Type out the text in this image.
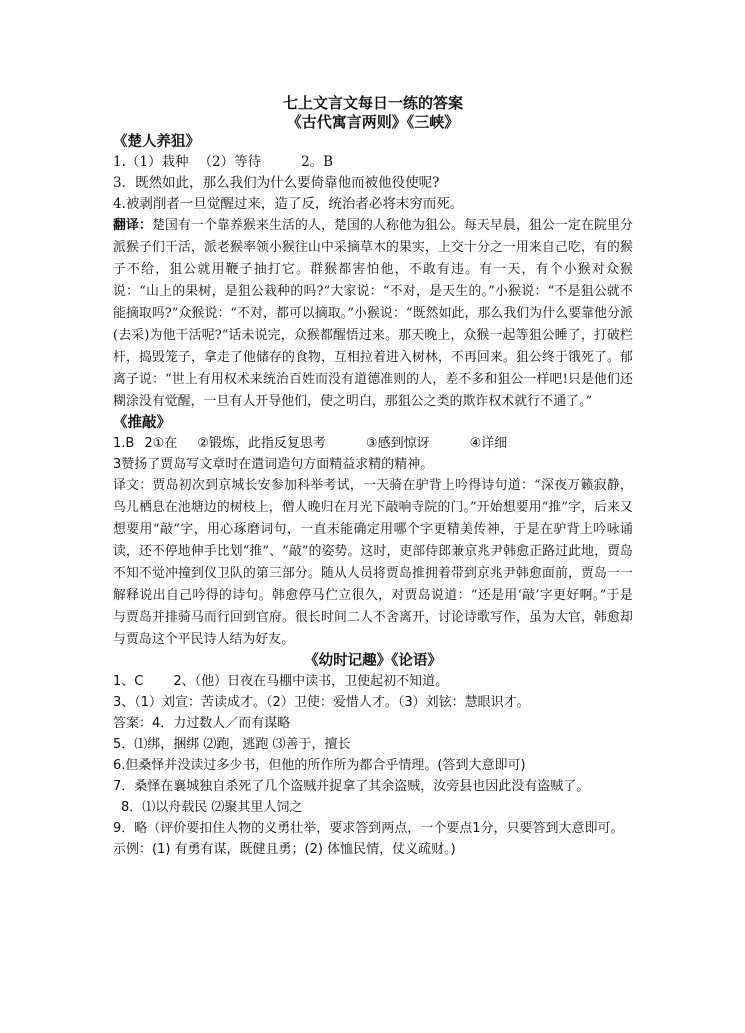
七上文言文每日一练的答案

《古代寓言两则》《三峡》

《楚人养狙》

1.（1）栽种 （2）等待	2。B

3．既然如此，那么我们为什么要倚靠他而被他役使呢?

4.被剥削者一旦觉醒过来，造了反，统治者必将末穷而死。

翻译：楚国有一个靠养猴来生活的人，楚国的人称他为狙公。每天早晨，狙公一定在院里分派猴子们干活，派老猴率领小猴往山中采摘草木的果实，上交十分之一用来自己吃，有的猴子不给，狙公就用鞭子抽打它。群猴都害怕他，不敢有违。有一天，有个小猴对众猴说：“山上的果树，是狙公栽种的吗?”大家说：“不对，是天生的。”小猴说：“不是狙公就不能摘取吗?”众猴说：“不对，都可以摘取。”小猴说：“既然如此，那么我们为什么要靠他分派(去采)为他干活呢?”话未说完，众猴都醒悟过来。那天晚上，众猴一起等狙公睡了，打破栏杆，捣毁笼子，拿走了他储存的食物，互相拉着进入树林，不再回来。狙公终于饿死了。郁离子说：“世上有用权术来统治百姓而没有道德准则的人，差不多和狙公一样吧!只是他们还糊涂没有觉醒，一旦有人开导他们，使之明白，那狙公之类的欺诈权术就行不通了。”

《推敲》

1.B 2①在 ②锻炼，此指反复思考	③感到惊讶	④详细

3赞扬了贾岛写文章时在遣词造句方面精益求精的精神。

译文：贾岛初次到京城长安参加科举考试，一天骑在驴背上吟得诗句道：“深夜万籁寂静，鸟儿栖息在池塘边的树枝上，僧人晚归在月光下敲响寺院的门。”开始想要用“推”字，后来又想要用“敲”字，用心琢磨词句，一直未能确定用哪个字更精美传神，于是在驴背上吟咏诵读，还不停地伸手比划“推”、“敲”的姿势。这时，吏部侍郎兼京兆尹韩愈正路过此地，贾岛不知不觉冲撞到仪卫队的第三部分。随从人员将贾岛推拥着带到京兆尹韩愈面前，贾岛一一解释说出自己吟得的诗句。韩愈停马伫立很久，对贾岛说道：“还是用‘敲’字更好啊。”于是与贾岛并排骑马而行回到官府。很长时间二人不舍离开，讨论诗歌写作，虽为大官，韩愈却与贾岛这个平民诗人结为好友。

《幼时记趣》《论语》

1、C 2、（他）日夜在马棚中读书，卫使起初不知道。

3、（1）刘宣：苦读成才。（2）卫使：爱惜人才。（3）刘铉：慧眼识才。

答案：4．力过数人／而有谋略

5．⑴绑，捆绑 ⑵跑，逃跑 ⑶善于，擅长

6.但桑怿并没读过多少书，但他的所作所为都合乎情理。(答到大意即可)

7．桑怿在襄城独自杀死了几个盗贼并捉拿了其余盗贼，汝旁县也因此没有盗贼了。

8．⑴以舟载民 ⑵聚其里人饲之

9．略（评价要扣住人物的义勇壮举，要求答到两点，一个要点1分，只要答到大意即可。示例：(1) 有勇有谋，既健且勇；(2) 体恤民情，仗义疏财。)
